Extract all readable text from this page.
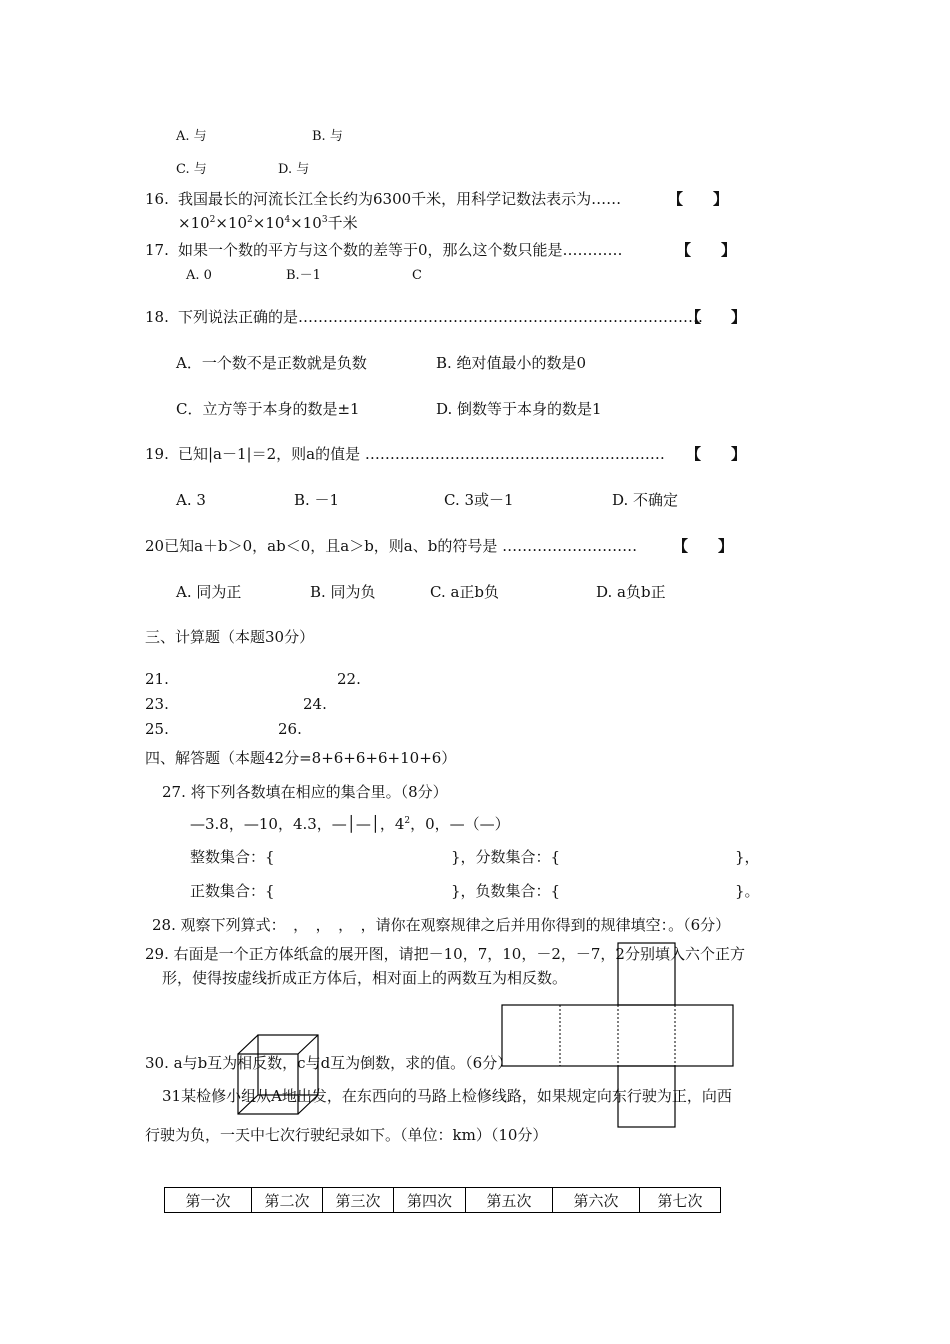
A. 与	B. 与
C. 与	D. 与
16. 我国最长的河流长江全长约为6300千米，用科学记数法表示为……	【　　】
$\times 10^2\times 10^2\times 10^4\times 10^3$千米
17. 如果一个数的平方与这个数的差等于0，那么这个数只能是…………	【　　】
A. 0	B.－1	C
18. 下列说法正确的是………………………………………………………………………
【　　】
A．一个数不是正数就是负数	B. 绝对值最小的数是0
C．立方等于本身的数是±1	D. 倒数等于本身的数是1
19. 已知|a－1|＝2，则a的值是 …………………………………………………… 【　　】
A. 3	B. －1	C. 3或－1	D. 不确定
20已知a＋b＞0，ab＜0，且a＞b，则a、b的符号是 ……………………… 【　　】
A. 同为正	B. 同为负	C. a正b负	D. a负b正
三、计算题（本题30分）
21.	22.
23.	24.
25.	26.
四、解答题（本题42分=8+6+6+6+10+6）
27. 将下列各数填在相应的集合里。（8分）
—3.8，—10，4.3，—│—│，$4^2$，0，—（—）
整数集合：{	}，分数集合：{	}，
正数集合：{	}，负数集合：{	}。
28. 观察下列算式：　，　，　，　，请你在观察规律之后并用你得到的规律填空：。（6分）
29. 右面是一个正方体纸盒的展开图，请把－10，7，10，－2，－7，2分别填入六个正方
形，使得按虚线折成正方体后，相对面上的两数互为相反数。
30. a与b互为相反数，c与d互为倒数，求的值。（6分）
31某检修小组从A地出发，在东西向的马路上检修线路，如果规定向东行驶为正，向西
行驶为负，一天中七次行驶纪录如下。（单位：km）（10分）
第一次	第二次	第三次	第四次	第五次	第六次	第七次
